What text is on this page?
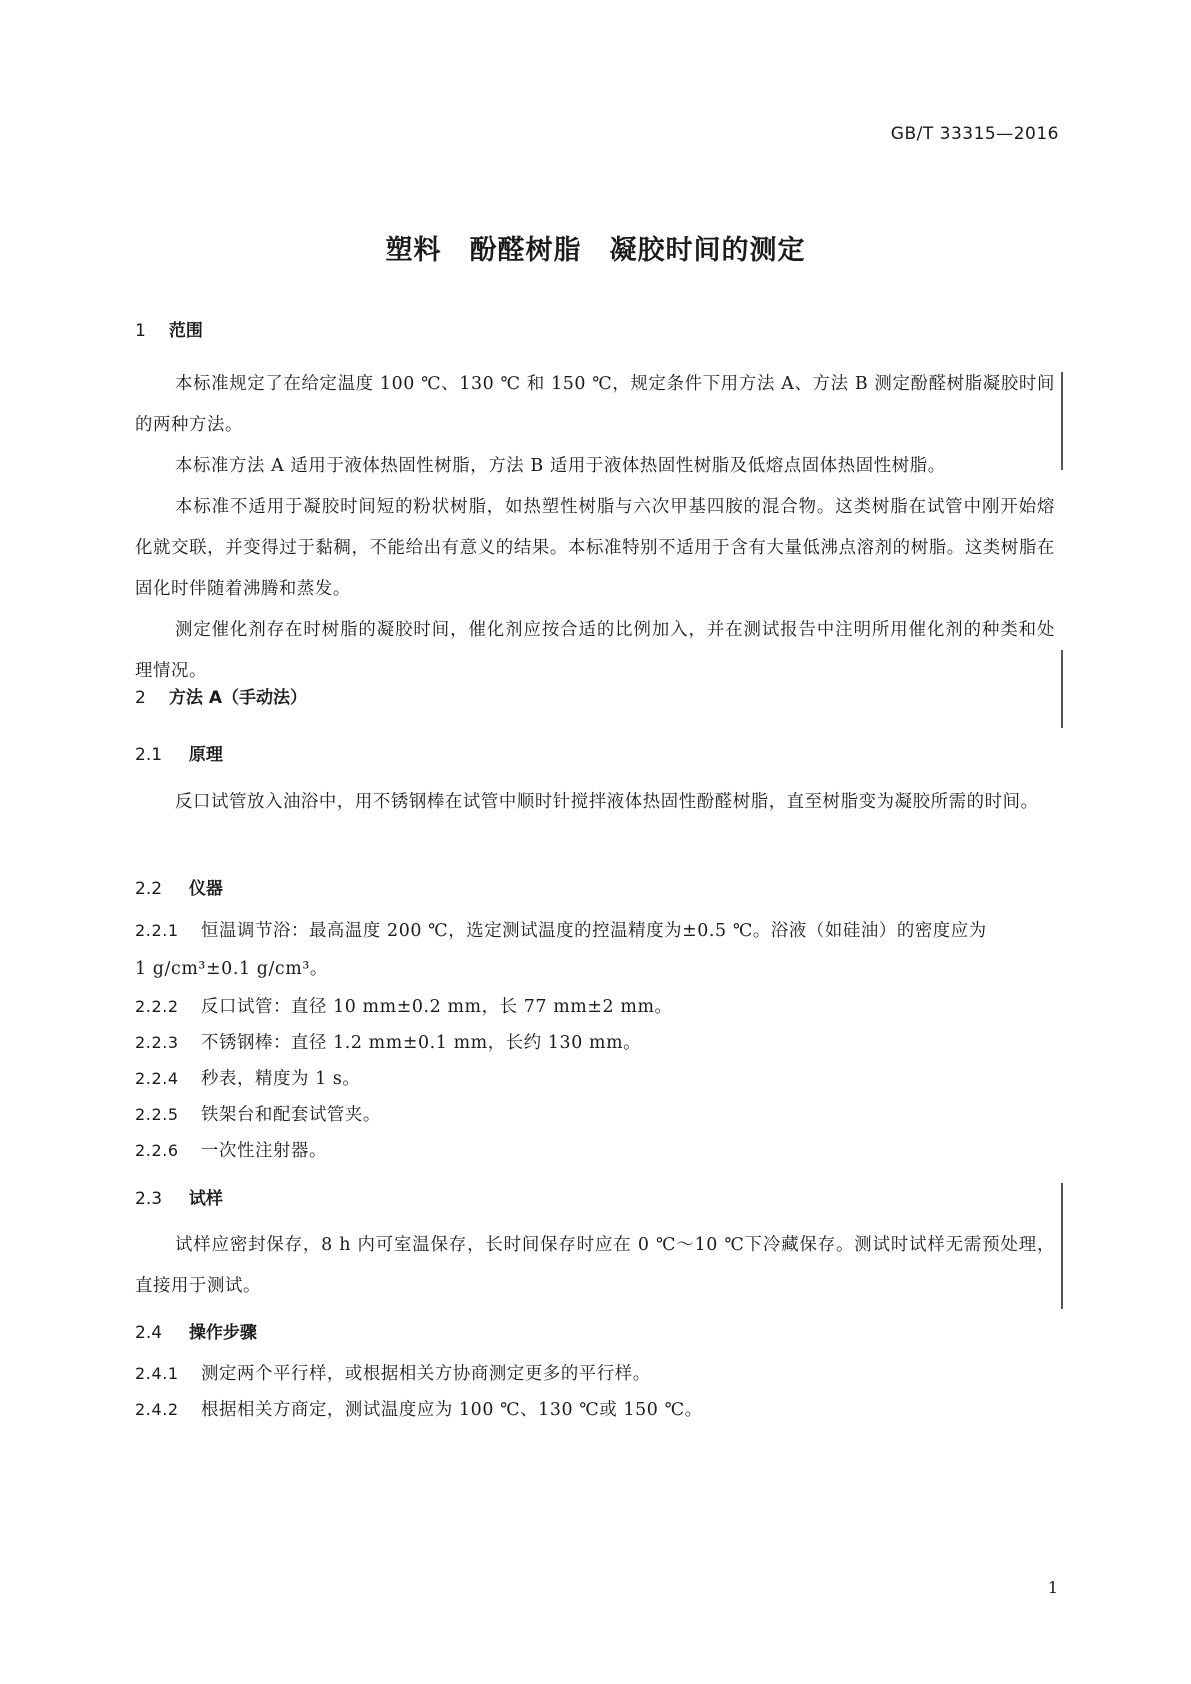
GB/T 33315—2016
塑料　酚醛树脂　凝胶时间的测定
1 范围
本标准规定了在给定温度 100 ℃、130 ℃ 和 150 ℃，规定条件下用方法 A、方法 B 测定酚醛树脂凝胶时间的两种方法。
本标准方法 A 适用于液体热固性树脂，方法 B 适用于液体热固性树脂及低熔点固体热固性树脂。
本标准不适用于凝胶时间短的粉状树脂，如热塑性树脂与六次甲基四胺的混合物。这类树脂在试管中刚开始熔化就交联，并变得过于黏稠，不能给出有意义的结果。本标准特别不适用于含有大量低沸点溶剂的树脂。这类树脂在固化时伴随着沸腾和蒸发。
测定催化剂存在时树脂的凝胶时间，催化剂应按合适的比例加入，并在测试报告中注明所用催化剂的种类和处理情况。
2 方法 A（手动法）
2.1 原理
反口试管放入油浴中，用不锈钢棒在试管中顺时针搅拌液体热固性酚醛树脂，直至树脂变为凝胶所需的时间。
2.2 仪器
2.2.1 恒温调节浴：最高温度 200 ℃，选定测试温度的控温精度为±0.5 ℃。浴液（如硅油）的密度应为
1 g/cm³±0.1 g/cm³。
2.2.2 反口试管：直径 10 mm±0.2 mm，长 77 mm±2 mm。
2.2.3 不锈钢棒：直径 1.2 mm±0.1 mm，长约 130 mm。
2.2.4 秒表，精度为 1 s。
2.2.5 铁架台和配套试管夹。
2.2.6 一次性注射器。
2.3 试样
试样应密封保存，8 h 内可室温保存，长时间保存时应在 0 ℃～10 ℃下冷藏保存。测试时试样无需预处理，直接用于测试。
2.4 操作步骤
2.4.1 测定两个平行样，或根据相关方协商测定更多的平行样。
2.4.2 根据相关方商定，测试温度应为 100 ℃、130 ℃或 150 ℃。
1
